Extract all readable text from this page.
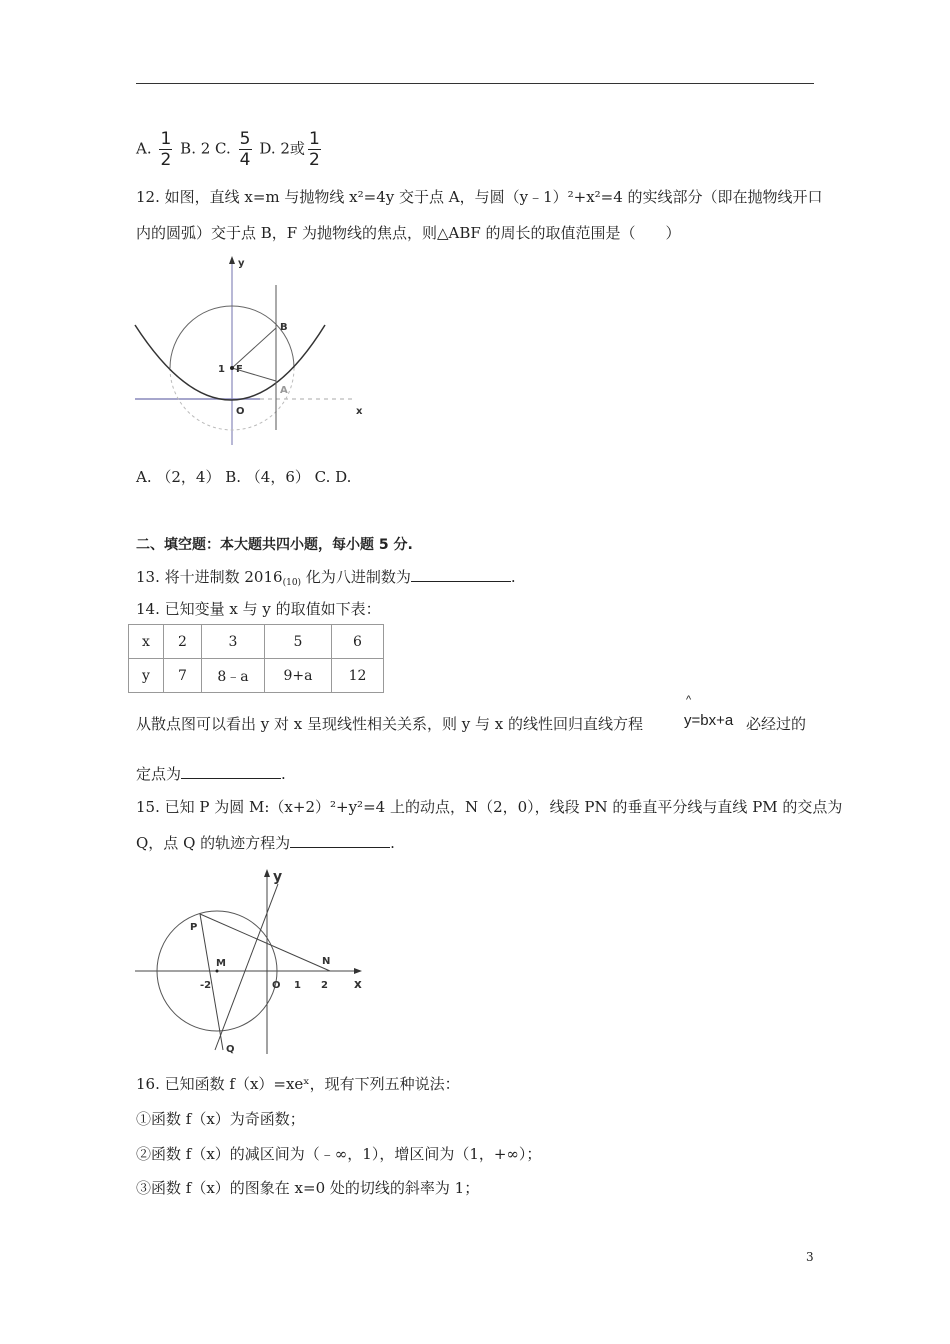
A. $\frac{1}{2} B$. 2 C. $\frac{5}{4} D$. 2或 $\frac{1}{2}$
12. 如图，直线 x=m 与抛物线 x²=4y 交于点 A，与圆（y﹣1）²+x²=4 的实线部分（即在抛物线开口
内的圆弧）交于点 B，F 为抛物线的焦点，则△ABF 的周长的取值范围是（　　）
y
B
1 F
A
O	x
A. （2，4） B. （4，6） C. D.
二、填空题：本大题共四小题，每小题 5 分.
13. 将十进制数 $2016_{(10)}$ 化为八进制数为	.
14. 已知变量 x 与 y 的取值如下表：
x	2	3	5	6
y	7	8﹣a	9+a	12
从散点图可以看出 y 对 x 呈现线性相关关系，则 y 与 x 的线性回归直线方程
^
y=bx+a 必经过的
定点为	.
15. 已知 P 为圆 M:（x+2）²+y²=4 上的动点，N（2，0），线段 PN 的垂直平分线与直线 PM 的交点为
Q，点 Q 的轨迹方程为	.
y
P
M	N
-2	O 1 2 x
Q
16. 已知函数 f（x）=xeˣ，现有下列五种说法：
①函数 f（x）为奇函数；
②函数 f（x）的减区间为（﹣∞，1），增区间为（1，+∞）；
③函数 f（x）的图象在 x=0 处的切线的斜率为 1；
3
